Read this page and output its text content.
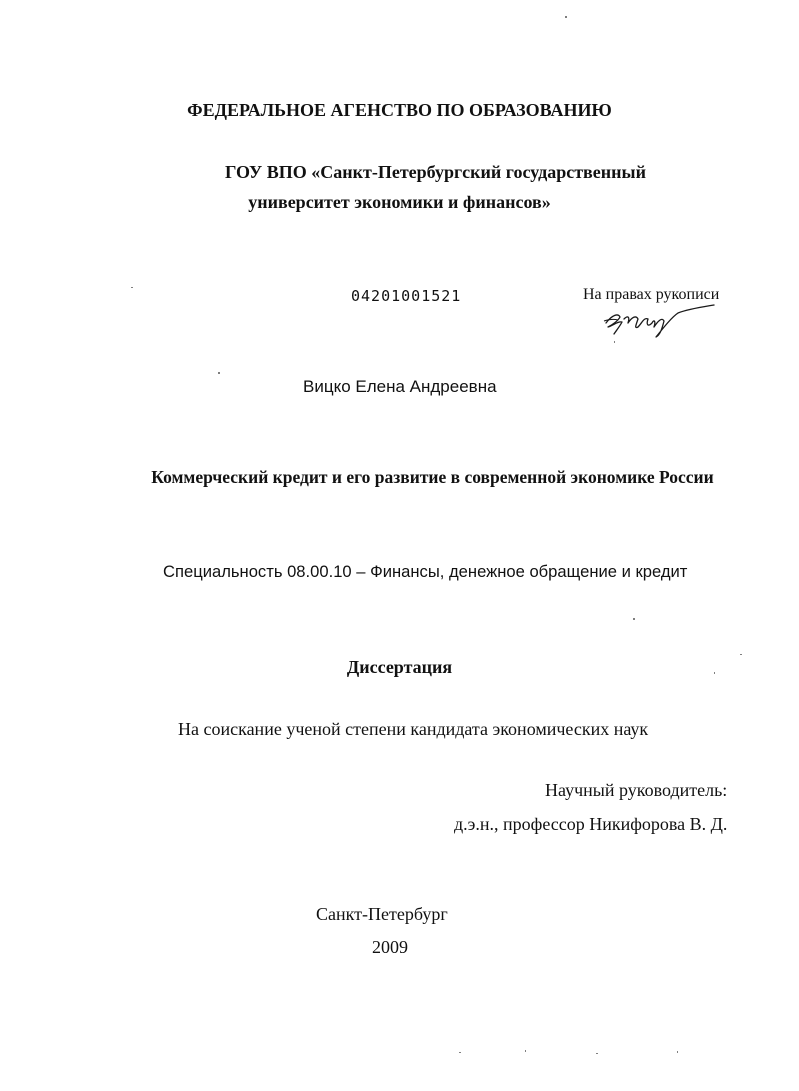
ФЕДЕРАЛЬНОЕ АГЕНСТВО ПО ОБРАЗОВАНИЮ
ГОУ ВПО «Санкт-Петербургский государственный
университет экономики и финансов»
04201001521	На правах рукописи
Вицко Елена Андреевна
Коммерческий кредит и его развитие в современной экономике России
Специальность 08.00.10 – Финансы, денежное обращение и кредит
Диссертация
На соискание ученой степени кандидата экономических наук
Научный руководитель:
д.э.н., профессор Никифорова В. Д.
Санкт-Петербург
2009
